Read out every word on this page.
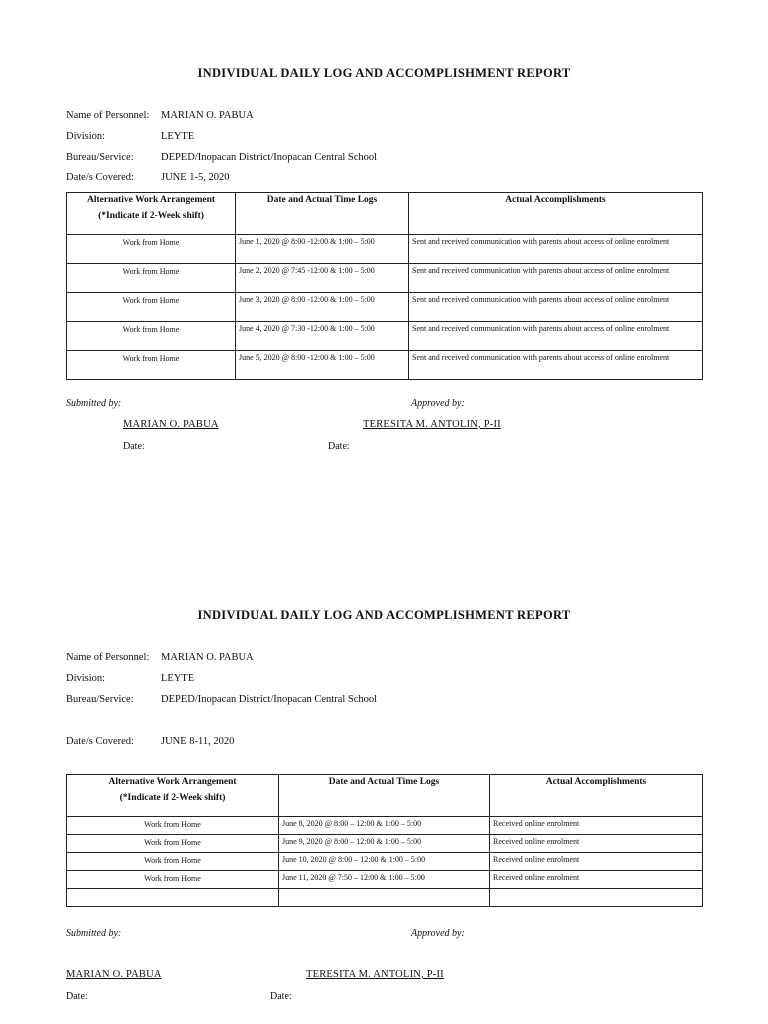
INDIVIDUAL DAILY LOG AND ACCOMPLISHMENT REPORT
Name of Personnel: MARIAN O. PABUA
Division:	LEYTE
Bureau/Service:	DEPED/Inopacan District/Inopacan Central School
Date/s Covered:	JUNE 1-5, 2020
Alternative Work Arrangement
(*Indicate if 2-Week shift)	Date and Actual Time Logs	Actual Accomplishments
Work from Home	June 1, 2020 @ 8:00 -12:00 & 1:00 – 5:00	Sent and received communication with parents about access of online enrolment
Work from Home	June 2, 2020 @ 7:45 -12:00 & 1:00 – 5:00	Sent and received communication with parents about access of online enrolment
Work from Home	June 3, 2020 @ 8:00 -12:00 & 1:00 – 5:00	Sent and received communication with parents about access of online enrolment
Work from Home	June 4, 2020 @ 7:30 -12:00 & 1:00 – 5:00	Sent and received communication with parents about access of online enrolment
Work from Home	June 5, 2020 @ 8:00 -12:00 & 1:00 – 5:00	Sent and received communication with parents about access of online enrolment
Submitted by:	Approved by:
MARIAN O. PABUA	TERESITA M. ANTOLIN, P-II
Date:	Date:
INDIVIDUAL DAILY LOG AND ACCOMPLISHMENT REPORT
Name of Personnel: MARIAN O. PABUA
Division:	LEYTE
Bureau/Service:	DEPED/Inopacan District/Inopacan Central School
Date/s Covered:	JUNE 8-11, 2020
Alternative Work Arrangement
(*Indicate if 2-Week shift)	Date and Actual Time Logs	Actual Accomplishments
Work from Home	June 8, 2020 @ 8:00 – 12:00 & 1:00 – 5:00	Received online enrolment
Work from Home	June 9, 2020 @ 8:00 – 12:00 & 1:00 – 5:00	Received online enrolment
Work from Home	June 10, 2020 @ 8:00 – 12:00 & 1:00 – 5:00	Received online enrolment
Work from Home	June 11, 2020 @ 7:50 – 12:00 & 1:00 – 5:00	Received online enrolment

Submitted by:	Approved by:
MARIAN O. PABUA	TERESITA M. ANTOLIN, P-II
Date:	Date:
